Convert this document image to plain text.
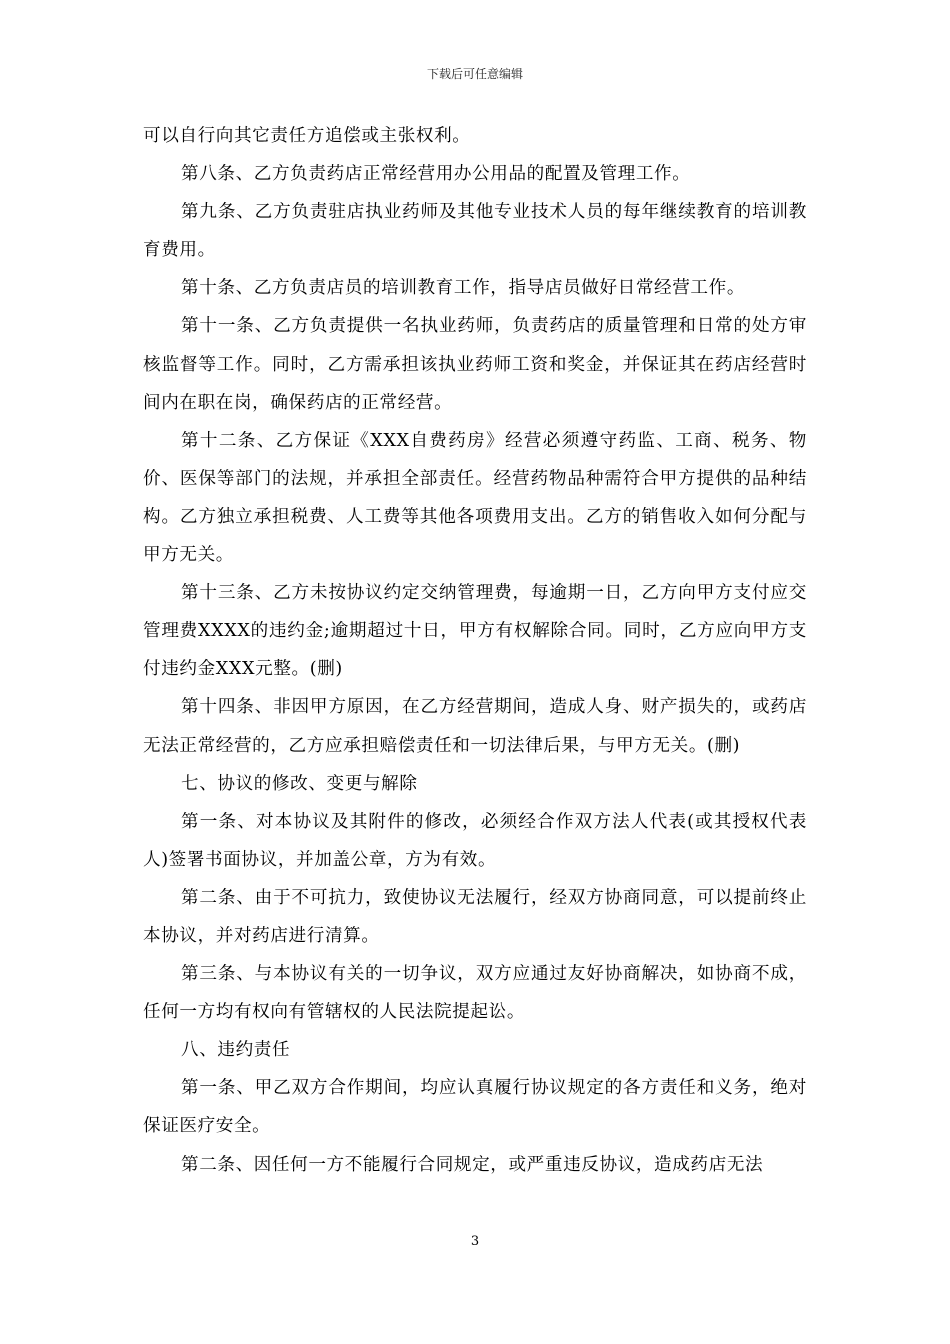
下载后可任意编辑

可以自行向其它责任方追偿或主张权利。

第八条、乙方负责药店正常经营用办公用品的配置及管理工作。

第九条、乙方负责驻店执业药师及其他专业技术人员的每年继续教育的培训教育费用。

第十条、乙方负责店员的培训教育工作，指导店员做好日常经营工作。

第十一条、乙方负责提供一名执业药师，负责药店的质量管理和日常的处方审核监督等工作。同时，乙方需承担该执业药师工资和奖金，并保证其在药店经营时间内在职在岗，确保药店的正常经营。

第十二条、乙方保证《XXX自费药房》经营必须遵守药监、工商、税务、物价、医保等部门的法规，并承担全部责任。经营药物品种需符合甲方提供的品种结构。乙方独立承担税费、人工费等其他各项费用支出。乙方的销售收入如何分配与甲方无关。

第十三条、乙方未按协议约定交纳管理费，每逾期一日，乙方向甲方支付应交管理费XXXX的违约金;逾期超过十日，甲方有权解除合同。同时，乙方应向甲方支付违约金XXX元整。(删)

第十四条、非因甲方原因，在乙方经营期间，造成人身、财产损失的，或药店无法正常经营的，乙方应承担赔偿责任和一切法律后果，与甲方无关。(删)

七、协议的修改、变更与解除

第一条、对本协议及其附件的修改，必须经合作双方法人代表(或其授权代表人)签署书面协议，并加盖公章，方为有效。

第二条、由于不可抗力，致使协议无法履行，经双方协商同意，可以提前终止本协议，并对药店进行清算。

第三条、与本协议有关的一切争议，双方应通过友好协商解决，如协商不成，任何一方均有权向有管辖权的人民法院提起讼。

八、违约责任

第一条、甲乙双方合作期间，均应认真履行协议规定的各方责任和义务，绝对保证医疗安全。

第二条、因任何一方不能履行合同规定，或严重违反协议，造成药店无法

3
